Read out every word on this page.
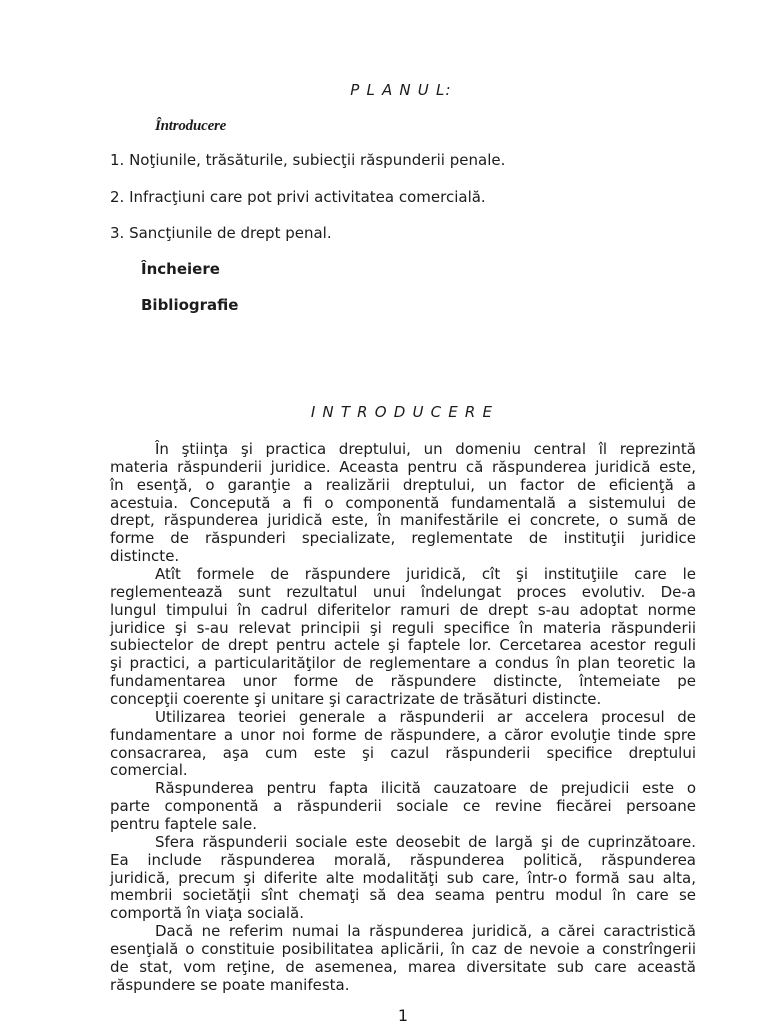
P L A N U L:
Întroducere
1. Noţiunile, trăsăturile, subiecţii răspunderii penale.
2. Infracţiuni care pot privi activitatea comercială.
3. Sancţiunile de drept penal.
Încheiere
Bibliografie
I N T R O D U C E R E
În ştiinţa şi practica dreptului, un domeniu central îl reprezintă
materia răspunderii juridice. Aceasta pentru că răspunderea juridică este,
în esenţă, o garanţie a realizării dreptului, un factor de eficienţă a
acestuia. Concepută a fi o componentă fundamentală a sistemului de
drept, răspunderea juridică este, în manifestările ei concrete, o sumă de
forme de răspunderi specializate, reglementate de instituţii juridice
distincte.
Atît formele de răspundere juridică, cît şi instituţiile care le
reglementează sunt rezultatul unui îndelungat proces evolutiv. De-a
lungul timpului în cadrul diferitelor ramuri de drept s-au adoptat norme
juridice şi s-au relevat principii şi reguli specifice în materia răspunderii
subiectelor de drept pentru actele şi faptele lor. Cercetarea acestor reguli
şi practici, a particularităţilor de reglementare a condus în plan teoretic la
fundamentarea unor forme de răspundere distincte, întemeiate pe
concepţii coerente şi unitare şi caractrizate de trăsături distincte.
Utilizarea teoriei generale a răspunderii ar accelera procesul de
fundamentare a unor noi forme de răspundere, a căror evoluţie tinde spre
consacrarea, aşa cum este şi cazul răspunderii specifice dreptului
comercial.
Răspunderea pentru fapta ilicită cauzatoare de prejudicii este o
parte componentă a răspunderii sociale ce revine fiecărei persoane
pentru faptele sale.
Sfera răspunderii sociale este deosebit de largă şi de cuprinzătoare.
Ea include răspunderea morală, răspunderea politică, răspunderea
juridică, precum şi diferite alte modalităţi sub care, într-o formă sau alta,
membrii societăţii sînt chemaţi să dea seama pentru modul în care se
comportă în viaţa socială.
Dacă ne referim numai la răspunderea juridică, a cărei caractristică
esenţială o constituie posibilitatea aplicării, în caz de nevoie a constrîngerii
de stat, vom reţine, de asemenea, marea diversitate sub care această
răspundere se poate manifesta.
1
